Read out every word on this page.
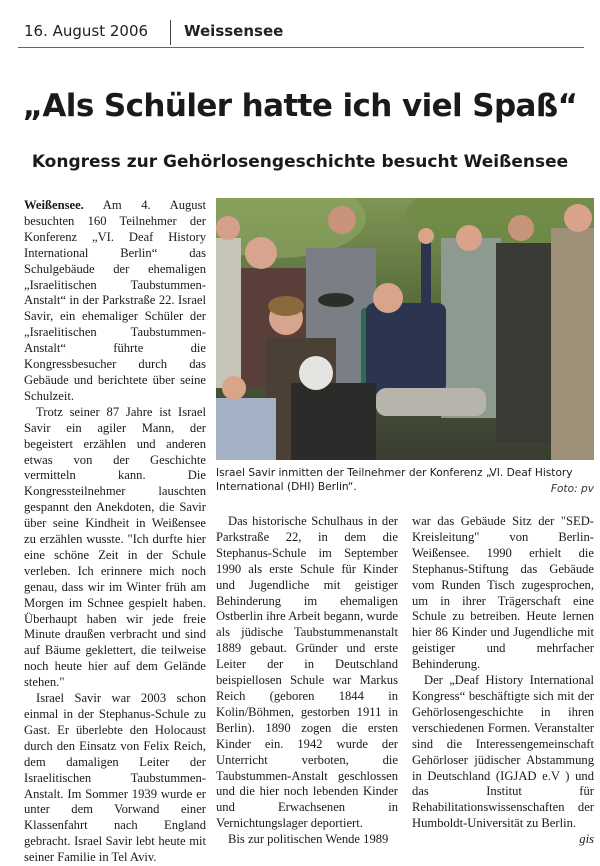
16. August 2006 Weissensee
„Als Schüler hatte ich viel Spaß“
Kongress zur Gehörlosengeschichte besucht Weißensee

Weißensee. Am 4. August besuchten 160 Teilnehmer der Konferenz „VI. Deaf History International Berlin“ das Schulgebäude der ehemaligen „Israelitischen Taubstummen-Anstalt“ in der Parkstraße 22. Israel Savir, ein ehemaliger Schüler der „Israelitischen Taubstummen-Anstalt“ führte die Kongressbesucher durch das Gebäude und berichtete über seine Schulzeit.

Trotz seiner 87 Jahre ist Israel Savir ein agiler Mann, der begeistert erzählen und anderen etwas von der Geschichte vermitteln kann. Die Kongressteilnehmer lauschten gespannt den Anekdoten, die Savir über seine Kindheit in Weißensee zu erzählen wusste. "Ich durfte hier eine schöne Zeit in der Schule verleben. Ich erinnere mich noch genau, dass wir im Winter früh am Morgen im Schnee gespielt haben. Überhaupt haben wir jede freie Minute draußen verbracht und sind auf Bäume geklettert, die teilweise noch heute hier auf dem Gelände stehen."

Israel Savir war 2003 schon einmal in der Stephanus-Schule zu Gast. Er überlebte den Holocaust durch den Einsatz von Felix Reich, dem damaligen Leiter der Israelitischen Taubstummen-Anstalt. Im Sommer 1939 wurde er unter dem Vorwand einer Klassenfahrt nach England gebracht. Israel Savir lebt heute mit seiner Familie in Tel Aviv.

Israel Savir inmitten der Teilnehmer der Konferenz „VI. Deaf History International (DHI) Berlin“.	Foto: pv

Das historische Schulhaus in der Parkstraße 22, in dem die Stephanus-Schule im September 1990 als erste Schule für Kinder und Jugendliche mit geistiger Behinderung im ehemaligen Ostberlin ihre Arbeit begann, wurde als jüdische Taubstummenanstalt 1889 gebaut. Gründer und erste Leiter der in Deutschland beispiellosen Schule war Markus Reich (geboren 1844 in Kolin/Böhmen, gestorben 1911 in Berlin). 1890 zogen die ersten Kinder ein. 1942 wurde der Unterricht verboten, die Taubstummen-Anstalt geschlossen und die hier noch lebenden Kinder und Erwachsenen in Vernichtungslager deportiert.

Bis zur politischen Wende 1989

war das Gebäude Sitz der "SED-Kreisleitung" von Berlin-Weißensee. 1990 erhielt die Stephanus-Stiftung das Gebäude vom Runden Tisch zugesprochen, um in ihrer Trägerschaft eine Schule zu betreiben. Heute lernen hier 86 Kinder und Jugendliche mit geistiger und mehrfacher Behinderung.

Der „Deaf History International Kongress“ beschäftigte sich mit der Gehörlosengeschichte in ihren verschiedenen Formen. Veranstalter sind die Interessengemeinschaft Gehörloser jüdischer Abstammung in Deutschland (IGJAD e.V ) und das Institut für Rehabilitationswissenschaften der Humboldt-Universität zu Berlin.

gis
